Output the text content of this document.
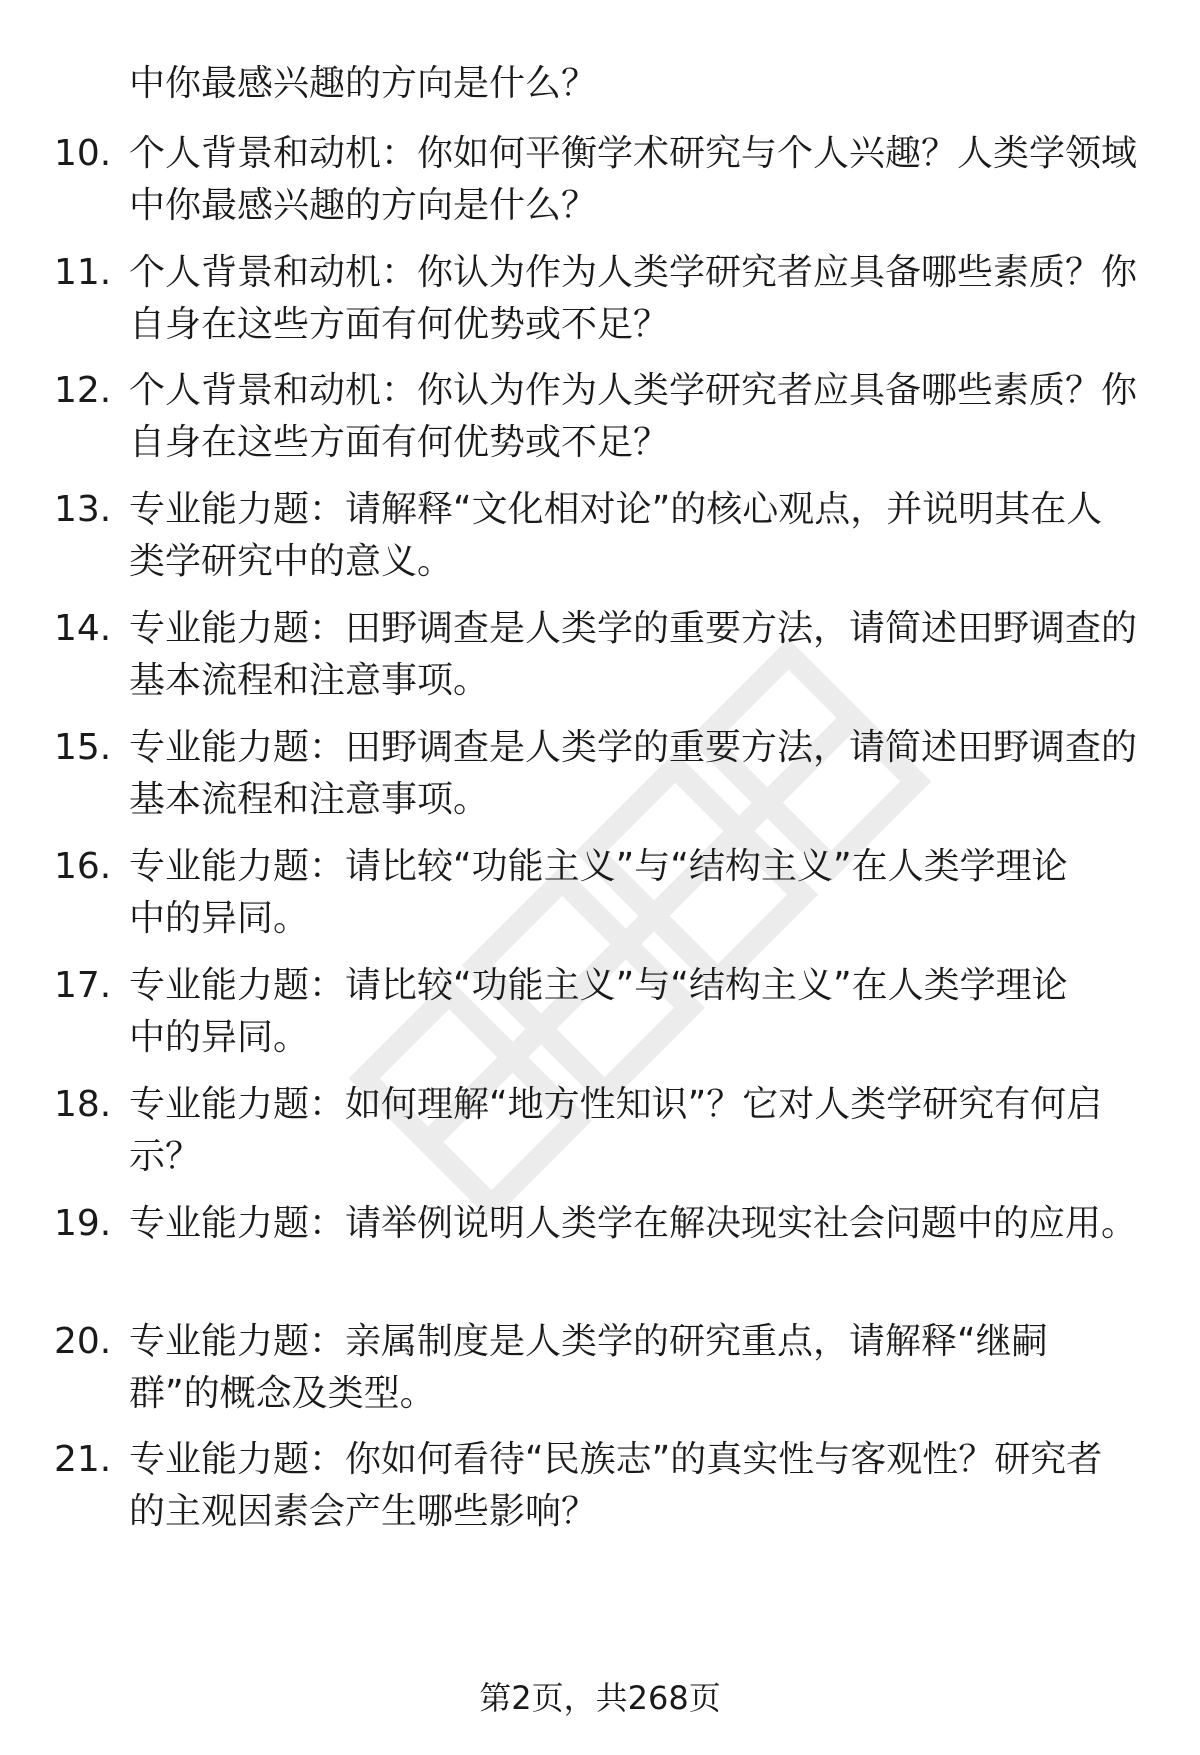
中你最感兴趣的方向是什么？
10. 个人背景和动机：你如何平衡学术研究与个人兴趣？人类学领域
中你最感兴趣的方向是什么？
11. 个人背景和动机：你认为作为人类学研究者应具备哪些素质？你
自身在这些方面有何优势或不足？
12. 个人背景和动机：你认为作为人类学研究者应具备哪些素质？你
自身在这些方面有何优势或不足？
13. 专业能力题：请解释“文化相对论”的核心观点，并说明其在人
类学研究中的意义。
14. 专业能力题：田野调查是人类学的重要方法，请简述田野调查的
基本流程和注意事项。
15. 专业能力题：田野调查是人类学的重要方法，请简述田野调查的
基本流程和注意事项。
16. 专业能力题：请比较“功能主义”与“结构主义”在人类学理论
中的异同。
17. 专业能力题：请比较“功能主义”与“结构主义”在人类学理论
中的异同。
18. 专业能力题：如何理解“地方性知识”？它对人类学研究有何启
示？
19. 专业能力题：请举例说明人类学在解决现实社会问题中的应用。
20. 专业能力题：亲属制度是人类学的研究重点，请解释“继嗣
群”的概念及类型。
21. 专业能力题：你如何看待“民族志”的真实性与客观性？研究者
的主观因素会产生哪些影响？
第2页，共268页
